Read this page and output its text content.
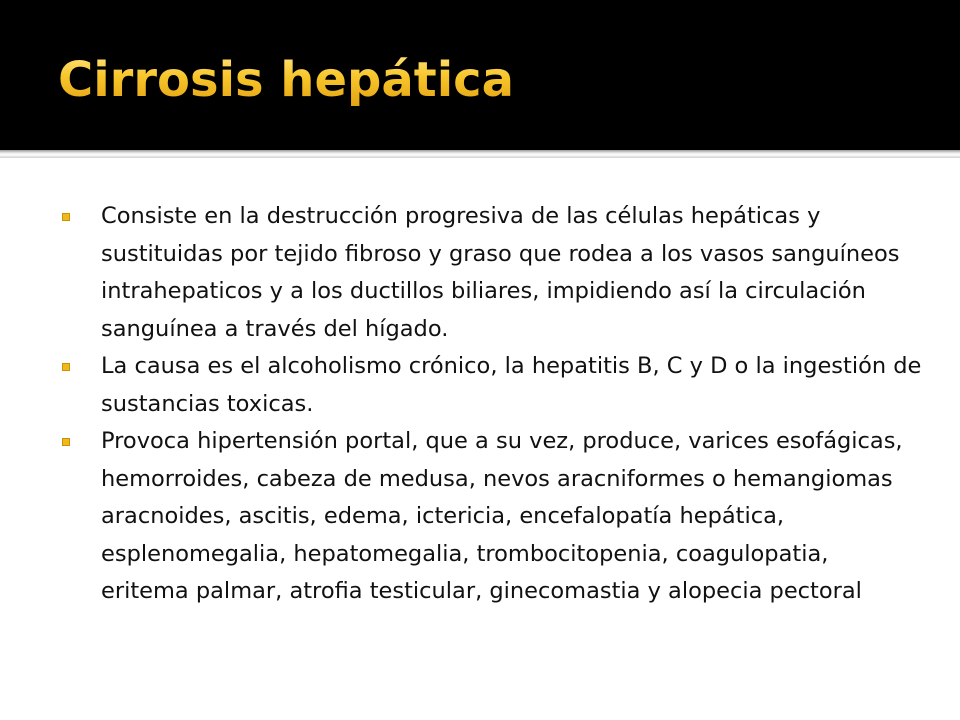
Cirrosis hepática
Consiste en la destrucción progresiva de las células hepáticas y sustituidas por tejido fibroso y graso que rodea a los vasos sanguíneos intrahepaticos y a los ductillos biliares, impidiendo así la circulación sanguínea a través del hígado.
La causa es el alcoholismo crónico, la hepatitis B, C y D o la ingestión de sustancias toxicas.
Provoca hipertensión portal, que a su vez, produce, varices esofágicas, hemorroides, cabeza de medusa, nevos aracniformes o hemangiomas aracnoides, ascitis, edema, ictericia, encefalopatía hepática, esplenomegalia, hepatomegalia, trombocitopenia, coagulopatia, eritema palmar, atrofia testicular, ginecomastia y alopecia pectoral
